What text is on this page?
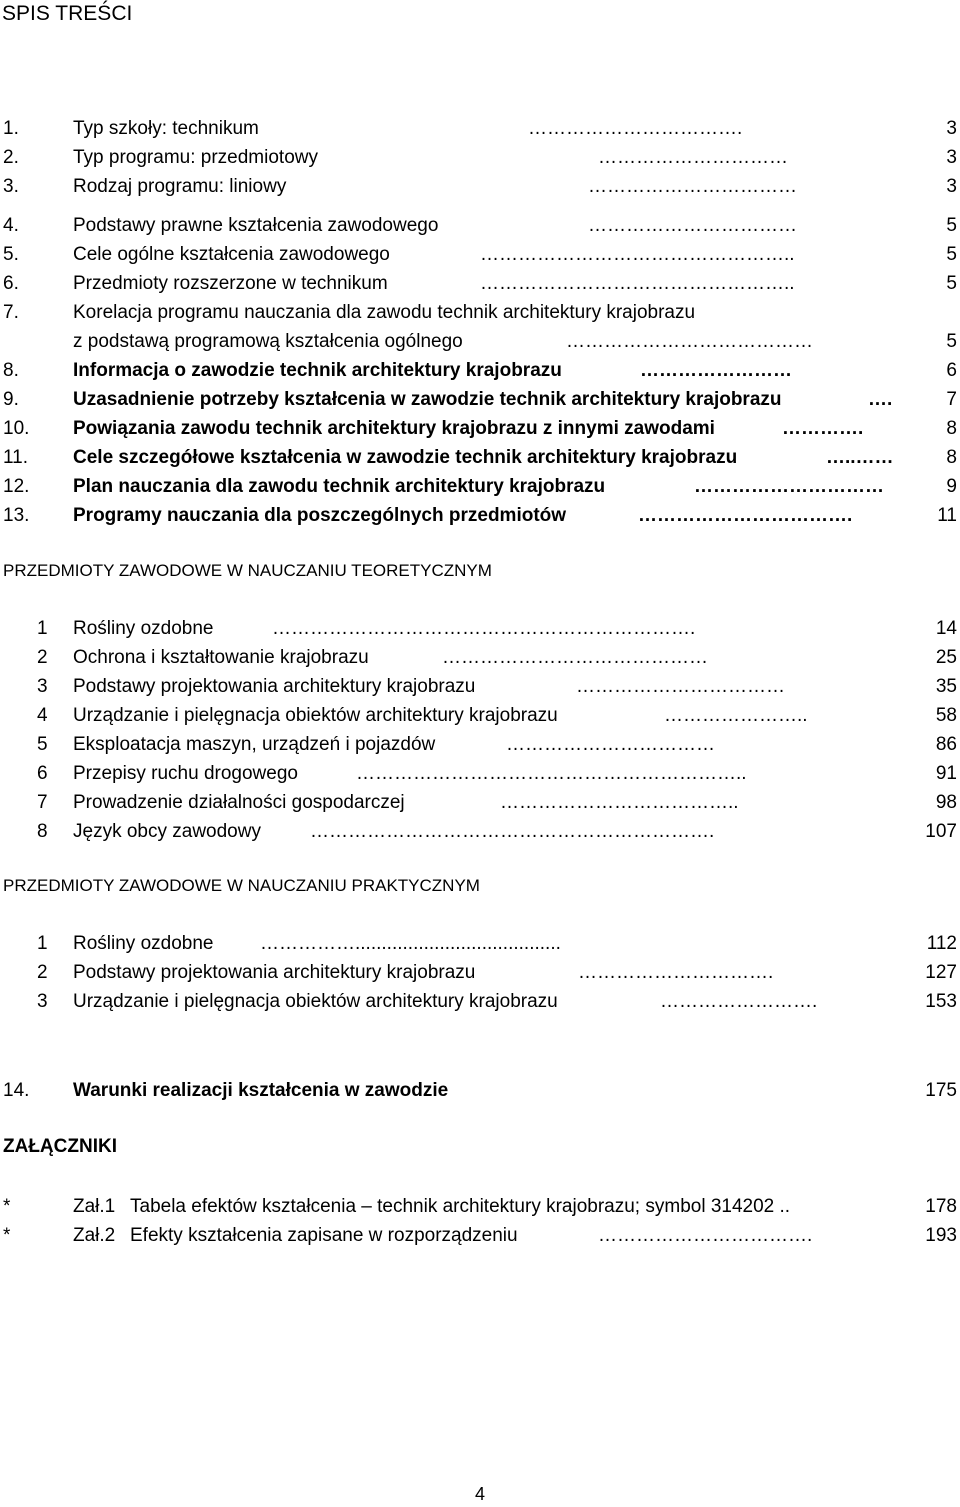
SPIS TREŚCI
1.	Typ szkoły: technikum	…………………………….	3
2.	Typ programu: przedmiotowy	…………………………	3
3.	Rodzaj programu: liniowy	……………………………	3
4.	Podstawy prawne kształcenia zawodowego	……………………………	5
5.	Cele ogólne kształcenia zawodowego	…………………………………………..	5
6.	Przedmioty rozszerzone w technikum	…………………………………………..	5
7.	Korelacja programu nauczania dla zawodu technik architektury krajobrazu
z podstawą programową kształcenia ogólnego	…………………………………	5
8.	Informacja o zawodzie technik architektury krajobrazu	……………………	6
9.	Uzasadnienie potrzeby kształcenia w zawodzie technik architektury krajobrazu	….	7
10. Powiązania zawodu technik architektury krajobrazu z innymi zawodami	………….	8
11. Cele szczegółowe kształcenia w zawodzie technik architektury krajobrazu	…..……	8
12. Plan nauczania dla zawodu technik architektury krajobrazu	…………………………	9
13. Programy nauczania dla poszczególnych przedmiotów	…………………………….	11
PRZEDMIOTY ZAWODOWE W NAUCZANIU TEORETYCZNYM
1 Rośliny ozdobne	………………………………………………………….	14
2 Ochrona i kształtowanie krajobrazu	……………………………………	25
3 Podstawy projektowania architektury krajobrazu	……………………………	35
4 Urządzanie i pielęgnacja obiektów architektury krajobrazu	…………………..	58
5 Eksploatacja maszyn, urządzeń i pojazdów	……………………………	86
6 Przepisy ruchu drogowego	……………………………………………………..	91
7 Prowadzenie działalności gospodarczej	………………………………..	98
8 Język obcy zawodowy	……………………………………………………….	107
PRZEDMIOTY ZAWODOWE W NAUCZANIU PRAKTYCZNYM
1 Rośliny ozdobne …………….......................................	112
2 Podstawy projektowania architektury krajobrazu	………………………….	127
3 Urządzanie i pielęgnacja obiektów architektury krajobrazu	…………………….	153
14. Warunki realizacji kształcenia w zawodzie	175
ZAŁĄCZNIKI
*	Zał.1 Tabela efektów kształcenia – technik architektury krajobrazu; symbol 314202 ..	178
*	Zał.2 Efekty kształcenia zapisane w rozporządzeniu	…………………………….	193
4
